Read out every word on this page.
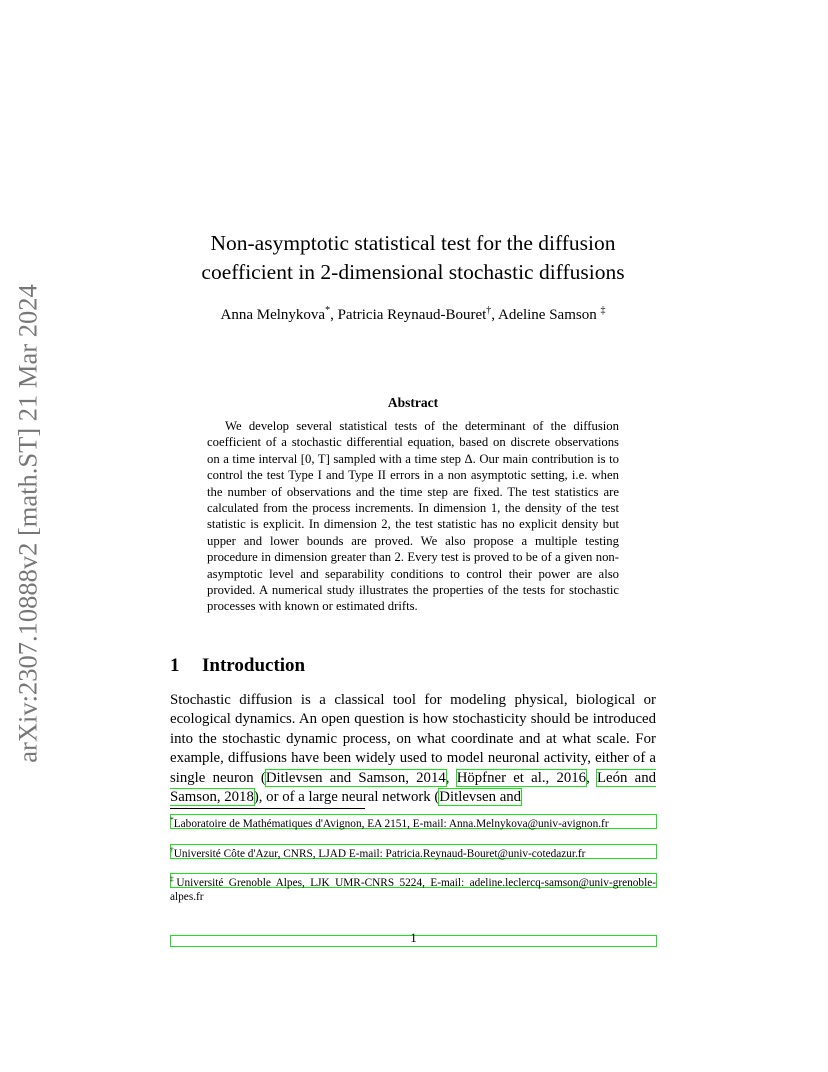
arXiv:2307.10888v2 [math.ST] 21 Mar 2024
Non-asymptotic statistical test for the diffusion coefficient in 2-dimensional stochastic diffusions
Anna Melnykova*, Patricia Reynaud-Bouret†, Adeline Samson ‡
Abstract
We develop several statistical tests of the determinant of the diffusion coefficient of a stochastic differential equation, based on discrete observations on a time interval [0, T] sampled with a time step Δ. Our main contribution is to control the test Type I and Type II errors in a non asymptotic setting, i.e. when the number of observations and the time step are fixed. The test statistics are calculated from the process increments. In dimension 1, the density of the test statistic is explicit. In dimension 2, the test statistic has no explicit density but upper and lower bounds are proved. We also propose a multiple testing procedure in dimension greater than 2. Every test is proved to be of a given non-asymptotic level and separability conditions to control their power are also provided. A numerical study illustrates the properties of the tests for stochastic processes with known or estimated drifts.
1 Introduction
Stochastic diffusion is a classical tool for modeling physical, biological or ecological dynamics. An open question is how stochasticity should be introduced into the stochastic dynamic process, on what coordinate and at what scale. For example, diffusions have been widely used to model neuronal activity, either of a single neuron (Ditlevsen and Samson, 2014, Höpfner et al., 2016, León and Samson, 2018), or of a large neural network (Ditlevsen and
*Laboratoire de Mathématiques d'Avignon, EA 2151, E-mail: Anna.Melnykova@univ-avignon.fr
†Université Côte d'Azur, CNRS, LJAD E-mail: Patricia.Reynaud-Bouret@univ-cotedazur.fr
‡Université Grenoble Alpes, LJK UMR-CNRS 5224, E-mail: adeline.leclercq-samson@univ-grenoble-alpes.fr
1
